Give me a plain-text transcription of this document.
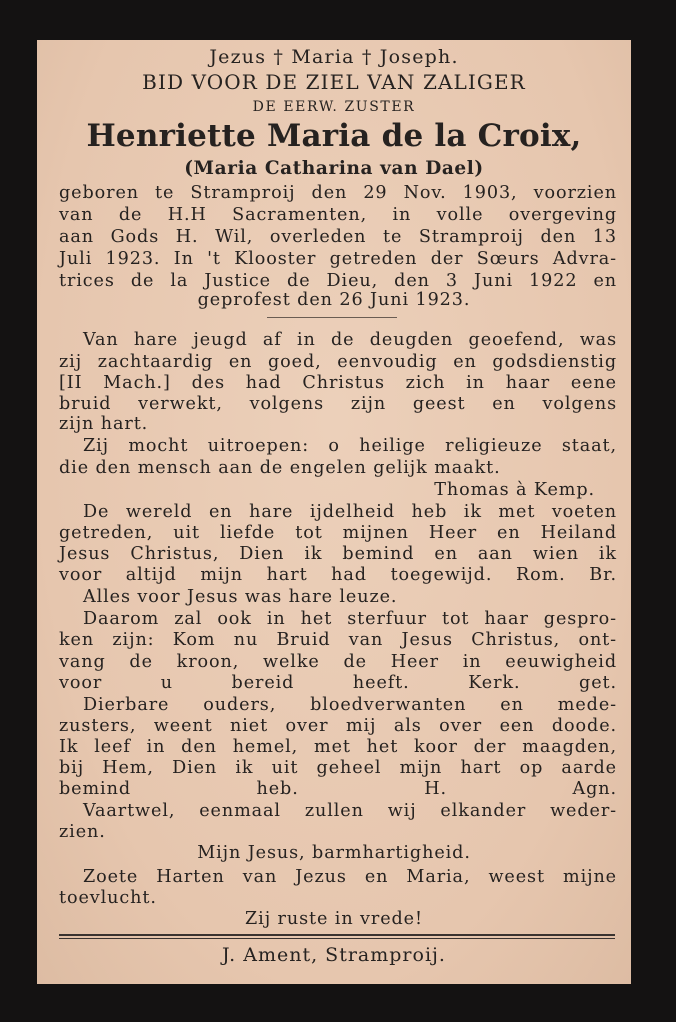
Jezus † Maria † Joseph.
BID VOOR DE ZIEL VAN ZALIGER
DE EERW. ZUSTER
Henriette Maria de la Croix,
(Maria Catharina van Dael)
geboren te Stramproij den 29 Nov. 1903, voorzien
van de H.H Sacramenten, in volle overgeving
aan Gods H. Wil, overleden te Stramproij den 13
Juli 1923. In 't Klooster getreden der Sœurs Advra-
trices de la Justice de Dieu, den 3 Juni 1922 en
geprofest den 26 Juni 1923.
Van hare jeugd af in de deugden geoefend, was
zij zachtaardig en goed, eenvoudig en godsdienstig
[II Mach.] des had Christus zich in haar eene
bruid verwekt, volgens zijn geest en volgens
zijn hart.
Zij mocht uitroepen: o heilige religieuze staat,
die den mensch aan de engelen gelijk maakt.
Thomas à Kemp.
De wereld en hare ijdelheid heb ik met voeten
getreden, uit liefde tot mijnen Heer en Heiland
Jesus Christus, Dien ik bemind en aan wien ik
voor altijd mijn hart had toegewijd. Rom. Br.
Alles voor Jesus was hare leuze.
Daarom zal ook in het sterfuur tot haar gespro-
ken zijn: Kom nu Bruid van Jesus Christus, ont-
vang de kroon, welke de Heer in eeuwigheid
voor u bereid heeft. Kerk. get.
Dierbare ouders, bloedverwanten en mede-
zusters, weent niet over mij als over een doode.
Ik leef in den hemel, met het koor der maagden,
bij Hem, Dien ik uit geheel mijn hart op aarde
bemind heb. H. Agn.
Vaartwel, eenmaal zullen wij elkander weder-
zien.
Mijn Jesus, barmhartigheid.
Zoete Harten van Jezus en Maria, weest mijne
toevlucht.
Zij ruste in vrede!
J. Ament, Stramproij.
